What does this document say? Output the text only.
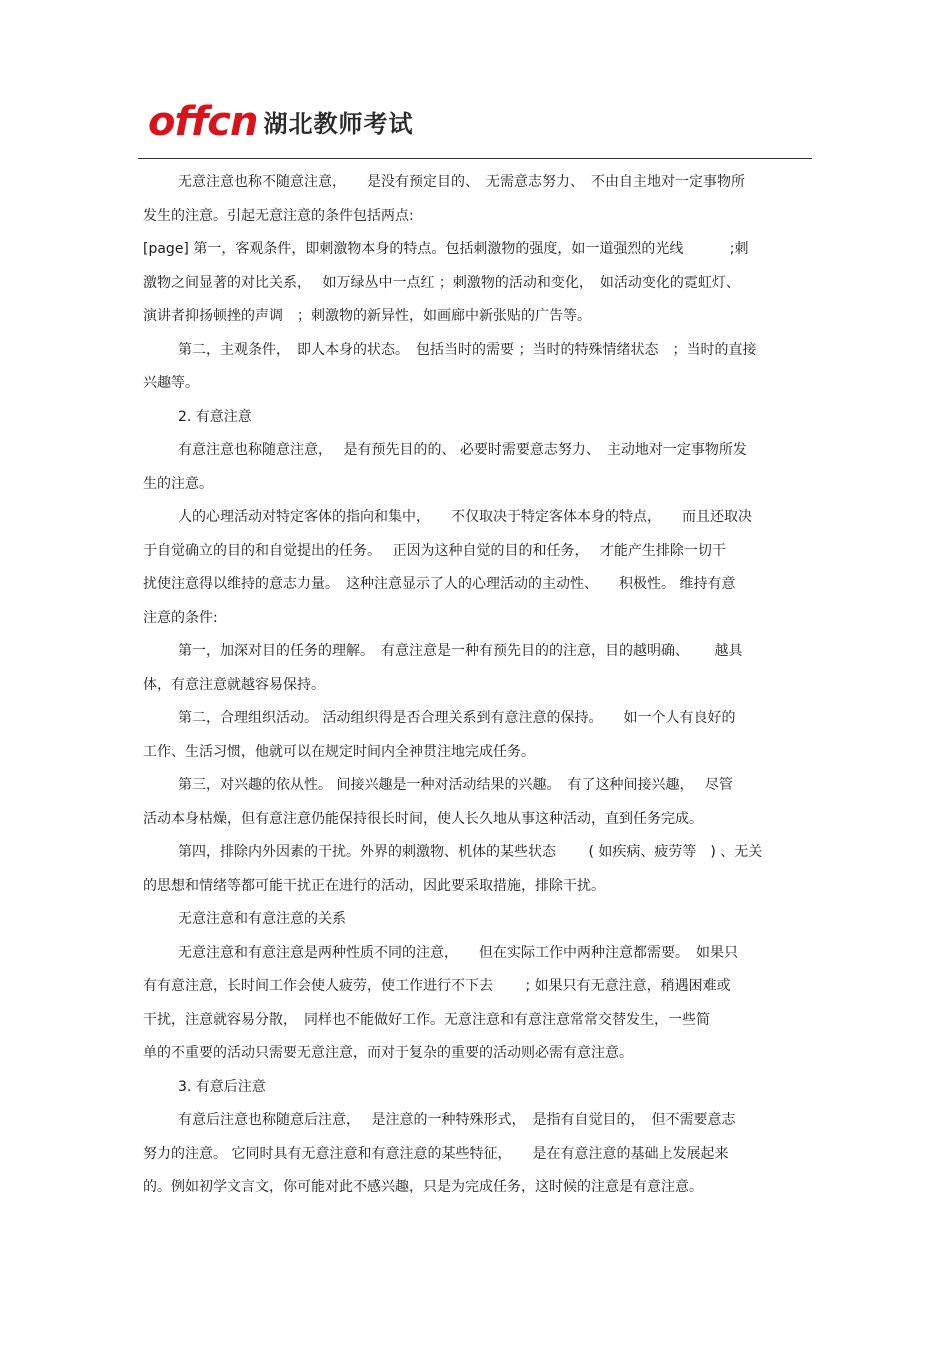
offcn 湖北教师考试
无意注意也称不随意注意，　　是没有预定目的、　无需意志努力、　不由自主地对一定事物所
发生的注意。引起无意注意的条件包括两点:
[page] 第一，客观条件，即刺激物本身的特点。包括刺激物的强度，如一道强烈的光线　　　 ;刺
激物之间显著的对比关系，　 如万绿丛中一点红 ；刺激物的活动和变化，　如活动变化的霓虹灯、
演讲者抑扬顿挫的声调　；刺激物的新异性，如画廊中新张贴的广告等。
第二，主观条件，　即人本身的状态。　包括当时的需要 ；当时的特殊情绪状态　；当时的直接
兴趣等。
2. 有意注意
有意注意也称随意注意，　 是有预先目的的、 必要时需要意志努力、　主动地对一定事物所发
生的注意。
人的心理活动对特定客体的指向和集中，　　不仅取决于特定客体本身的特点，　　而且还取决
于自觉确立的目的和自觉提出的任务。　 正因为这种自觉的目的和任务，　 才能产生排除一切干
扰使注意得以维持的意志力量。　这种注意显示了人的心理活动的主动性、　　积极性。 维持有意
注意的条件:
第一，加深对目的任务的理解。　有意注意是一种有预先目的的注意，目的越明确、　　 越具
体，有意注意就越容易保持。
第二，合理组织活动。 活动组织得是否合理关系到有意注意的保持。　　如一个人有良好的
工作、生活习惯，他就可以在规定时间内全神贯注地完成任务。
第三，对兴趣的依从性。 间接兴趣是一种对活动结果的兴趣。　有了这种间接兴趣，　 尽管
活动本身枯燥，但有意注意仍能保持很长时间，使人长久地从事这种活动，直到任务完成。
第四，排除内外因素的干扰。外界的刺激物、机体的某些状态　　 ( 如疾病、疲劳等　) 、无关
的思想和情绪等都可能干扰正在进行的活动，因此要采取措施，排除干扰。
无意注意和有意注意的关系
无意注意和有意注意是两种性质不同的注意，　　但在实际工作中两种注意都需要。　如果只
有有意注意，长时间工作会使人疲劳，使工作进行不下去　　 ; 如果只有无意注意，稍遇困难或
干扰，注意就容易分散，　同样也不能做好工作。无意注意和有意注意常常交替发生，一些简
单的不重要的活动只需要无意注意，而对于复杂的重要的活动则必需有意注意。
3. 有意后注意
有意后注意也称随意后注意，　 是注意的一种特殊形式，　是指有自觉目的，　但不需要意志
努力的注意。 它同时具有无意注意和有意注意的某些特征，　　是在有意注意的基础上发展起来
的。例如初学文言文，你可能对此不感兴趣，只是为完成任务，这时候的注意是有意注意。
